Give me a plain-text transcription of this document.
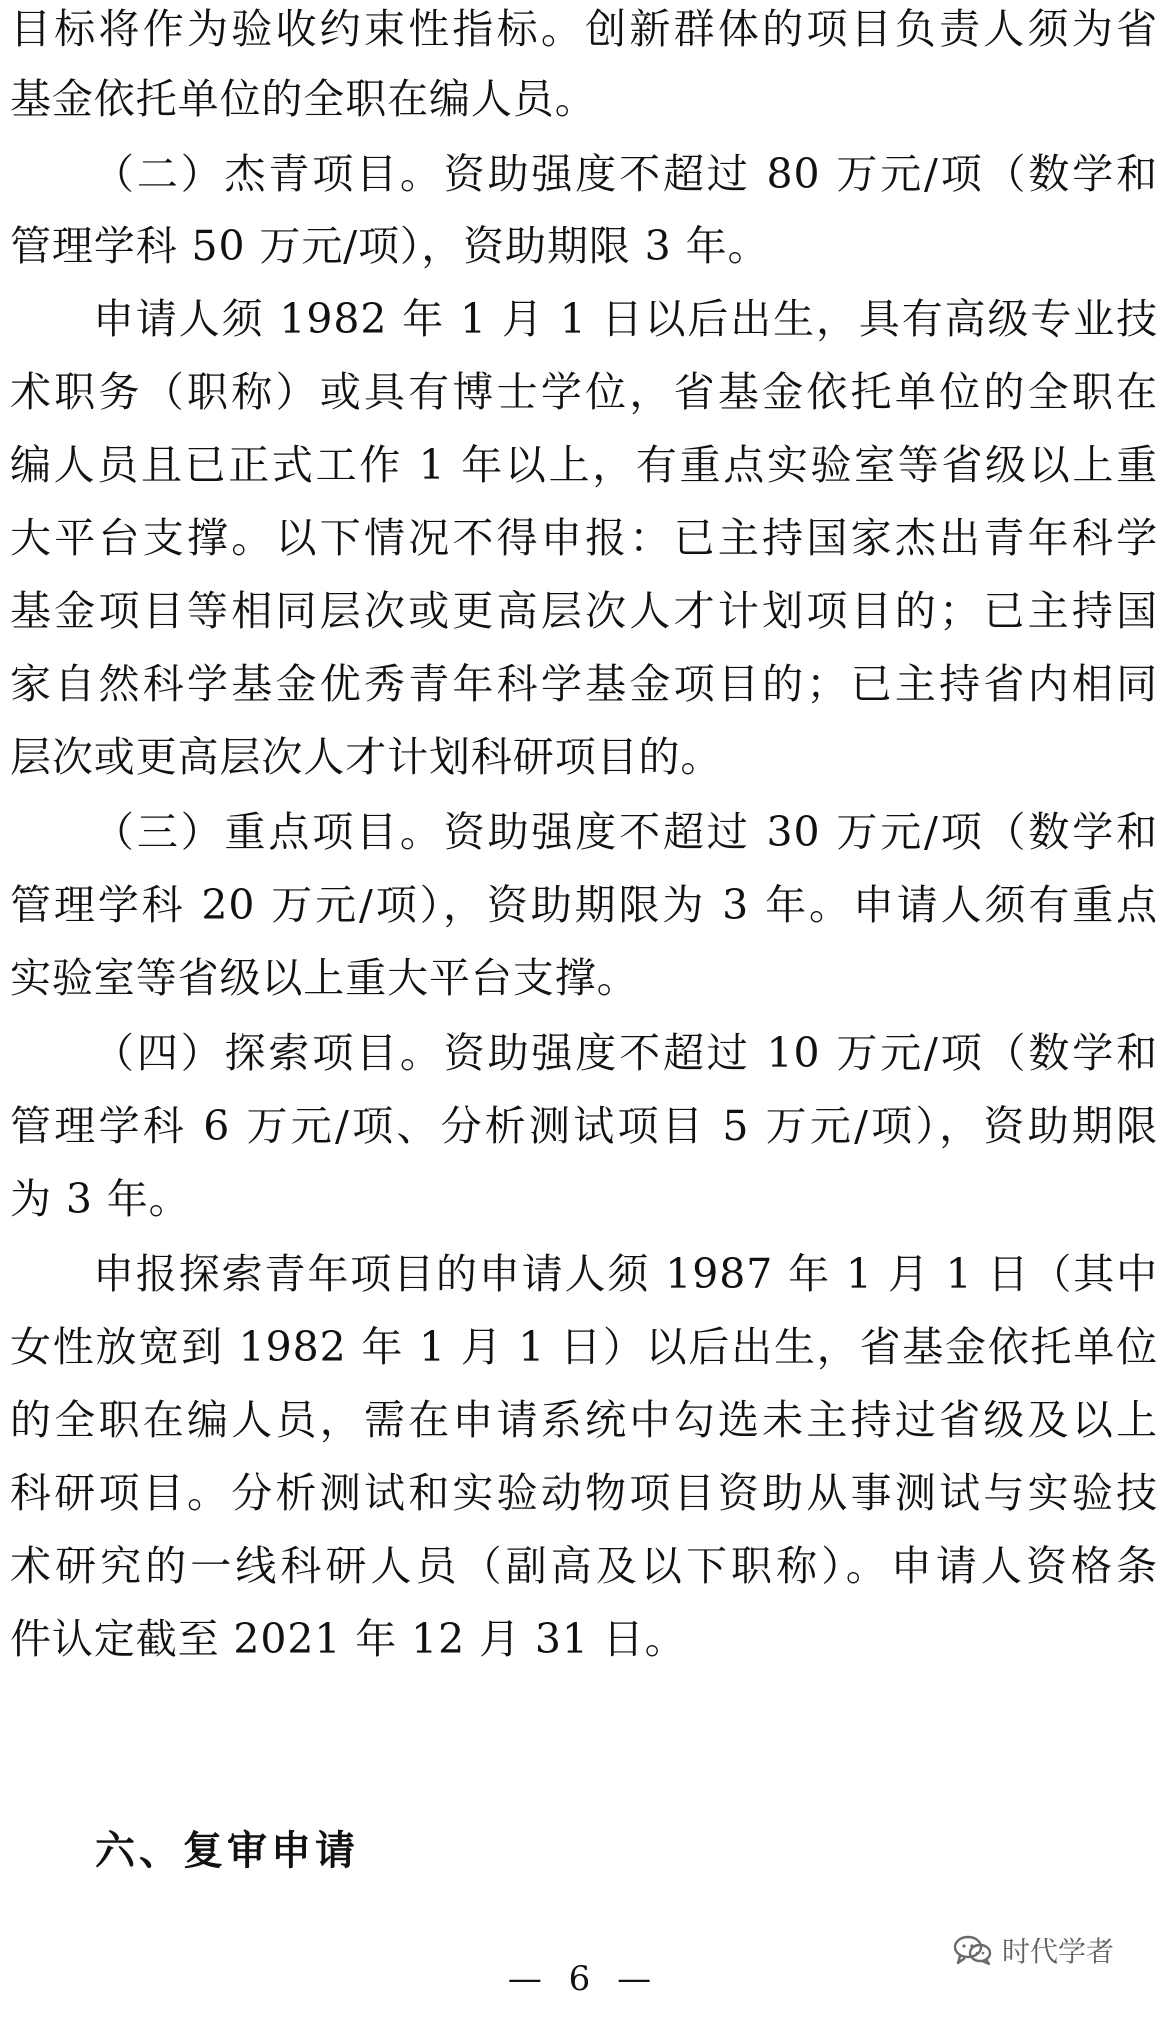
目标将作为验收约束性指标。创新群体的项目负责人须为省

基金依托单位的全职在编人员。

（二）杰青项目。资助强度不超过 80 万元/项（数学和

管理学科 50 万元/项），资助期限 3 年。

申请人须 1982 年 1 月 1 日以后出生，具有高级专业技

术职务（职称）或具有博士学位，省基金依托单位的全职在

编人员且已正式工作 1 年以上，有重点实验室等省级以上重

大平台支撑。以下情况不得申报：已主持国家杰出青年科学

基金项目等相同层次或更高层次人才计划项目的；已主持国

家自然科学基金优秀青年科学基金项目的；已主持省内相同

层次或更高层次人才计划科研项目的。

（三）重点项目。资助强度不超过 30 万元/项（数学和

管理学科 20 万元/项），资助期限为 3 年。申请人须有重点

实验室等省级以上重大平台支撑。

（四）探索项目。资助强度不超过 10 万元/项（数学和

管理学科 6 万元/项、分析测试项目 5 万元/项），资助期限

为 3 年。

申报探索青年项目的申请人须 1987 年 1 月 1 日（其中

女性放宽到 1982 年 1 月 1 日）以后出生，省基金依托单位

的全职在编人员，需在申请系统中勾选未主持过省级及以上

科研项目。分析测试和实验动物项目资助从事测试与实验技

术研究的一线科研人员（副高及以下职称）。申请人资格条

件认定截至 2021 年 12 月 31 日。

六、复审申请
时代学者
— 6 —
